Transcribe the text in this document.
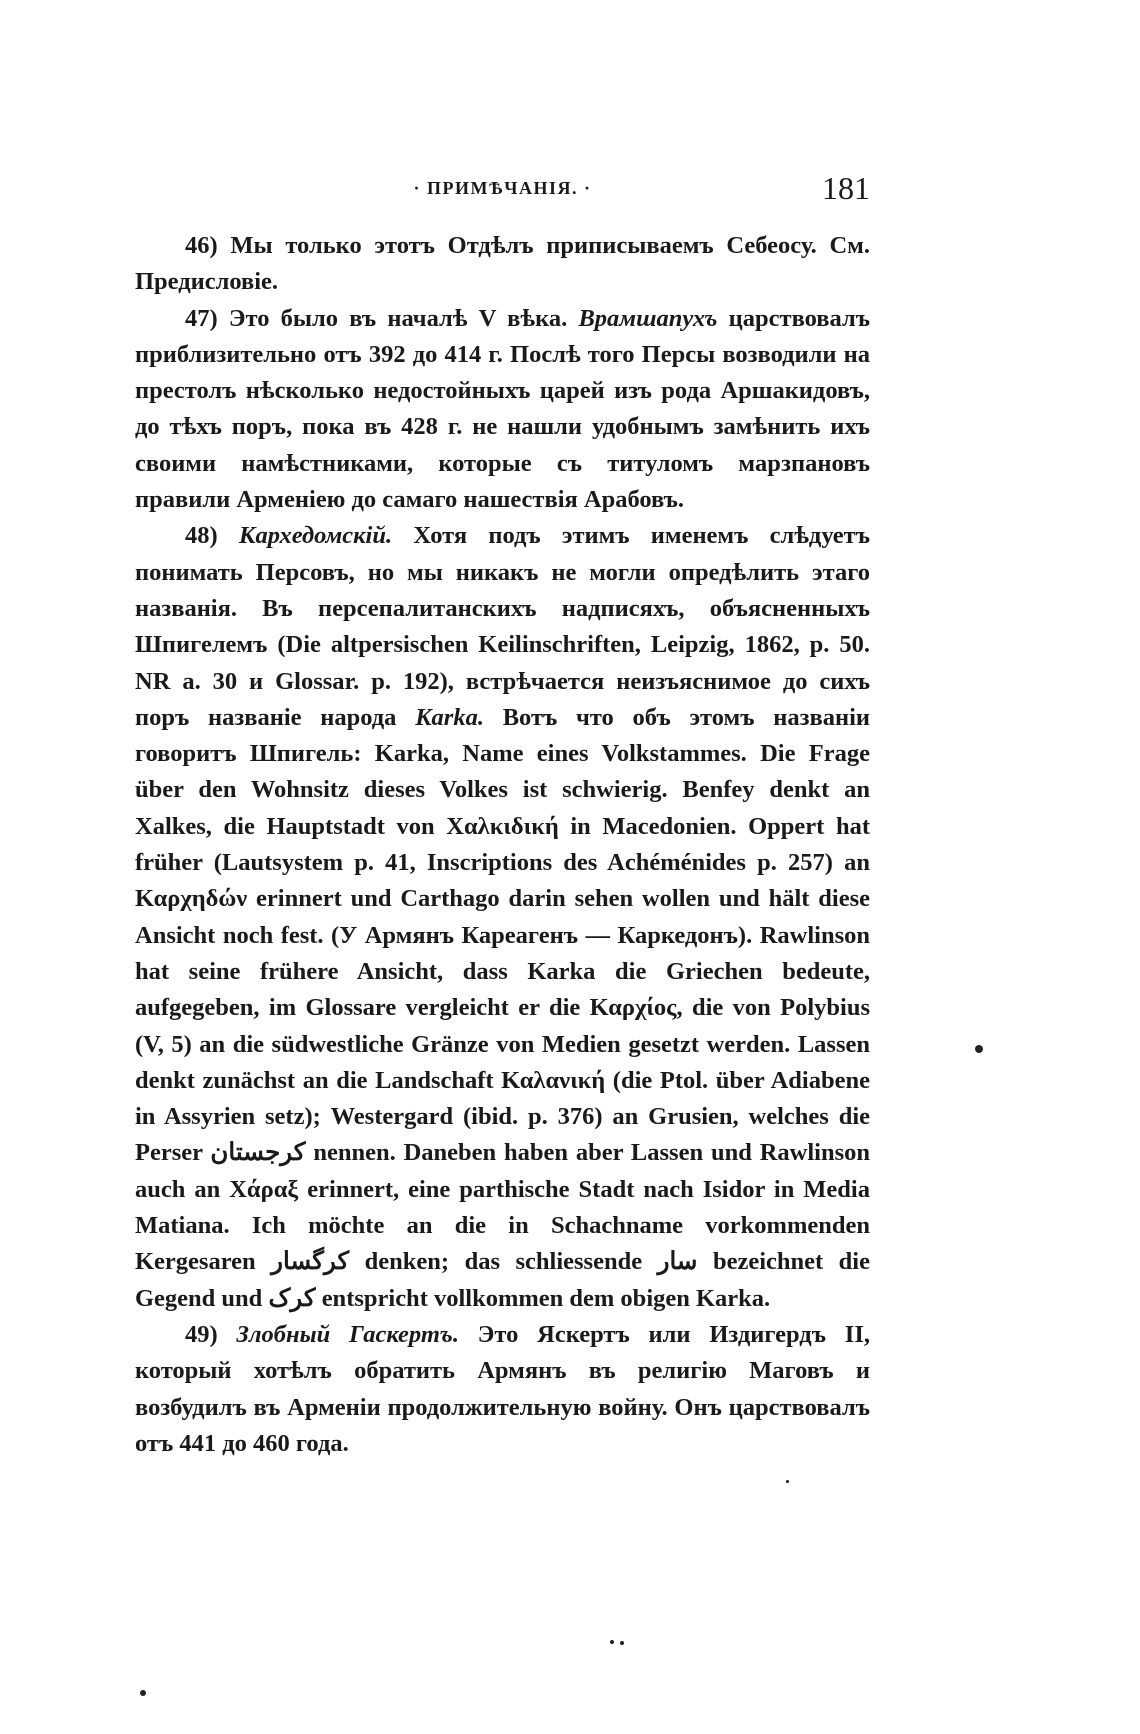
· ПРИМѢЧАНІЯ. ·	181

46) Мы только этотъ Отдѣлъ приписываемъ Себеосу. См. Предисловіе.

47) Это было въ началѣ V вѣка. Врамшапухъ царствовалъ приблизительно отъ 392 до 414 г. Послѣ того Персы возводили на престолъ нѣсколько недостойныхъ царей изъ рода Аршакидовъ, до тѣхъ поръ, пока въ 428 г. не нашли удобнымъ замѣнить ихъ своими намѣстниками, которые съ титуломъ марзпановъ правили Арменіею до самаго нашествія Арабовъ.

48) Кархедомскій. Хотя подъ этимъ именемъ слѣдуетъ понимать Персовъ, но мы никакъ не могли опредѣлить этаго названія. Въ персепалитанскихъ надписяхъ, объясненныхъ Шпигелемъ (Die altpersischen Keilinschriften, Leipzig, 1862, p. 50. NR a. 30 и Glossar. p. 192), встрѣчается неизъяснимое до сихъ поръ названіе народа Karka. Вотъ что объ этомъ названіи говоритъ Шпигель: Karka, Name eines Volkstammes. Die Frage über den Wohnsitz dieses Volkes ist schwierig. Benfey denkt an Xalkes, die Hauptstadt von Χαλκιδική in Macedonien. Oppert hat früher (Lautsystem p. 41, Inscriptions des Achéménides p. 257) an Καρχηδών erinnert und Carthago darin sehen wollen und hält diese Ansicht noch fest. (У Армянъ Кареагенъ — Каркедонъ). Rawlinson hat seine frühere Ansicht, dass Karka die Griechen bedeute, aufgegeben, im Glossare vergleicht er die Καρχίος, die von Polybius (V, 5) an die südwestliche Gränze von Medien gesetzt werden. Lassen denkt zunächst an die Landschaft Καλανική (die Ptol. über Adiabene in Assyrien setz); Westergard (ibid. p. 376) an Grusien, welches die Perser کرجستان nennen. Daneben haben aber Lassen und Rawlinson auch an Χάραξ erinnert, eine parthische Stadt nach Isidor in Media Matiana. Ich möchte an die in Schachname vorkommenden Kergesaren کرگسار denken; das schliessende سار bezeichnet die Gegend und کرک entspricht vollkommen dem obigen Karka.

49) Злобный Гаскертъ. Это Яскертъ или Издигердъ II, который хотѣлъ обратить Армянъ въ религію Маговъ и возбудилъ въ Арменіи продолжительную войну. Онъ царствовалъ отъ 441 до 460 года.
